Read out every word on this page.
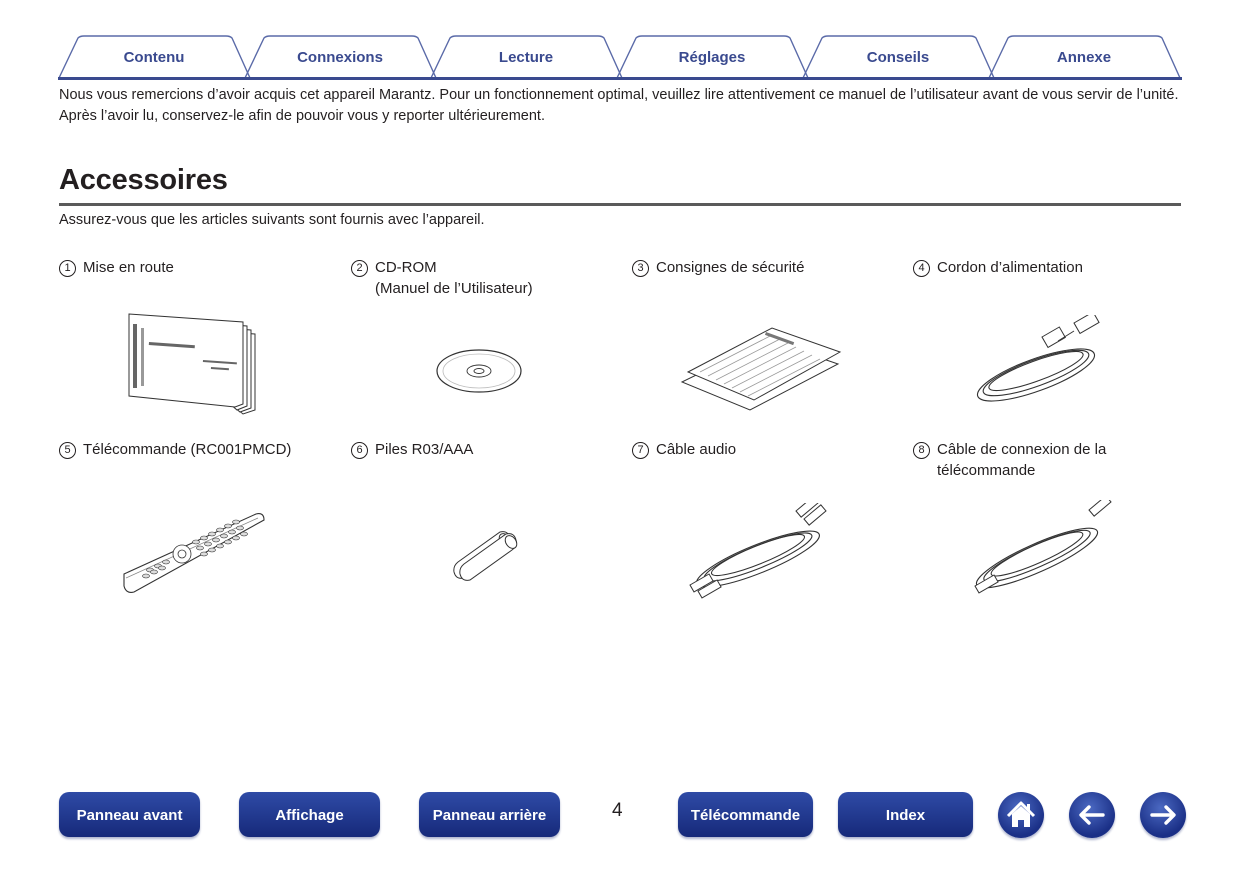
Contenu	Connexions	Lecture	Réglages	Conseils	Annexe

Nous vous remercions d’avoir acquis cet appareil Marantz. Pour un fonctionnement optimal, veuillez lire attentivement ce manuel de l’utilisateur avant de vous servir de l’unité.

Après l’avoir lu, conservez-le afin de pouvoir vous y reporter ultérieurement.

Accessoires
Assurez-vous que les articles suivants sont fournis avec l’appareil.
1 Mise en route	2 CD-ROM
(Manuel de l’Utilisateur)
3 Consignes de sécurité	4 Cordon d’alimentation
5 Télécommande (RC001PMCD)	6 Piles R03/AAA	7 Câble audio	8 Câble de connexion de la
télécommande
Panneau avant	Affichage	Panneau arrière	4	Télécommande	Index
